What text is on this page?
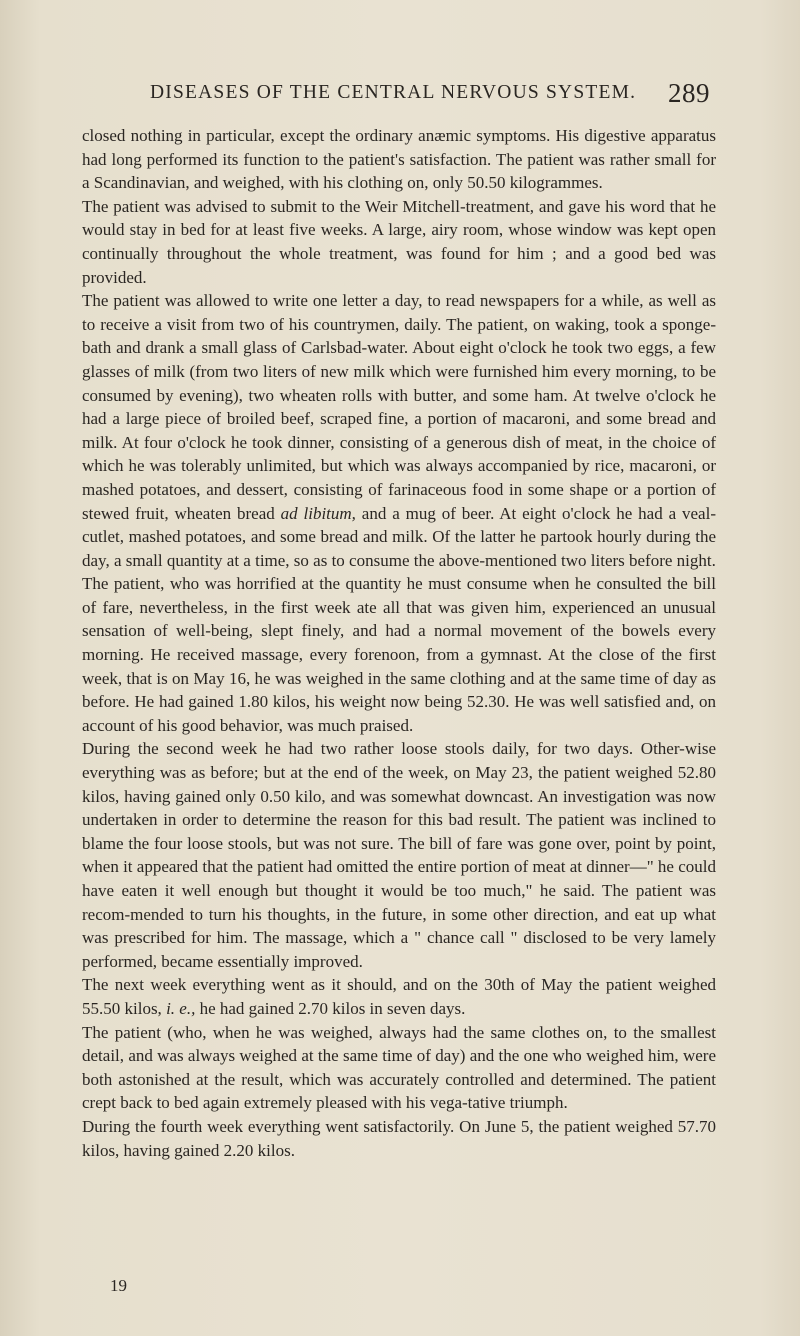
DISEASES OF THE CENTRAL NERVOUS SYSTEM. 289

closed nothing in particular, except the ordinary anæmic symptoms. His digestive apparatus had long performed its function to the patient's satisfaction. The patient was rather small for a Scandinavian, and weighed, with his clothing on, only 50.50 kilogrammes.

The patient was advised to submit to the Weir Mitchell-treatment, and gave his word that he would stay in bed for at least five weeks. A large, airy room, whose window was kept open continually throughout the whole treatment, was found for him ; and a good bed was provided.

The patient was allowed to write one letter a day, to read newspapers for a while, as well as to receive a visit from two of his countrymen, daily. The patient, on waking, took a sponge-bath and drank a small glass of Carlsbad-water. About eight o'clock he took two eggs, a few glasses of milk (from two liters of new milk which were furnished him every morning, to be consumed by evening), two wheaten rolls with butter, and some ham. At twelve o'clock he had a large piece of broiled beef, scraped fine, a portion of macaroni, and some bread and milk. At four o'clock he took dinner, consisting of a generous dish of meat, in the choice of which he was tolerably unlimited, but which was always accompanied by rice, macaroni, or mashed potatoes, and dessert, consisting of farinaceous food in some shape or a portion of stewed fruit, wheaten bread ad libitum, and a mug of beer. At eight o'clock he had a veal-cutlet, mashed potatoes, and some bread and milk. Of the latter he partook hourly during the day, a small quantity at a time, so as to consume the above-mentioned two liters before night.

The patient, who was horrified at the quantity he must consume when he consulted the bill of fare, nevertheless, in the first week ate all that was given him, experienced an unusual sensation of well-being, slept finely, and had a normal movement of the bowels every morning. He received massage, every forenoon, from a gymnast. At the close of the first week, that is on May 16, he was weighed in the same clothing and at the same time of day as before. He had gained 1.80 kilos, his weight now being 52.30. He was well satisfied and, on account of his good behavior, was much praised.

During the second week he had two rather loose stools daily, for two days. Other-wise everything was as before; but at the end of the week, on May 23, the patient weighed 52.80 kilos, having gained only 0.50 kilo, and was somewhat downcast. An investigation was now undertaken in order to determine the reason for this bad result. The patient was inclined to blame the four loose stools, but was not sure. The bill of fare was gone over, point by point, when it appeared that the patient had omitted the entire portion of meat at dinner—" he could have eaten it well enough but thought it would be too much," he said. The patient was recom-mended to turn his thoughts, in the future, in some other direction, and eat up what was prescribed for him. The massage, which a " chance call " disclosed to be very lamely performed, became essentially improved.

The next week everything went as it should, and on the 30th of May the patient weighed 55.50 kilos, i. e., he had gained 2.70 kilos in seven days.

The patient (who, when he was weighed, always had the same clothes on, to the smallest detail, and was always weighed at the same time of day) and the one who weighed him, were both astonished at the result, which was accurately controlled and determined. The patient crept back to bed again extremely pleased with his vega-tative triumph.

During the fourth week everything went satisfactorily. On June 5, the patient weighed 57.70 kilos, having gained 2.20 kilos.

19
